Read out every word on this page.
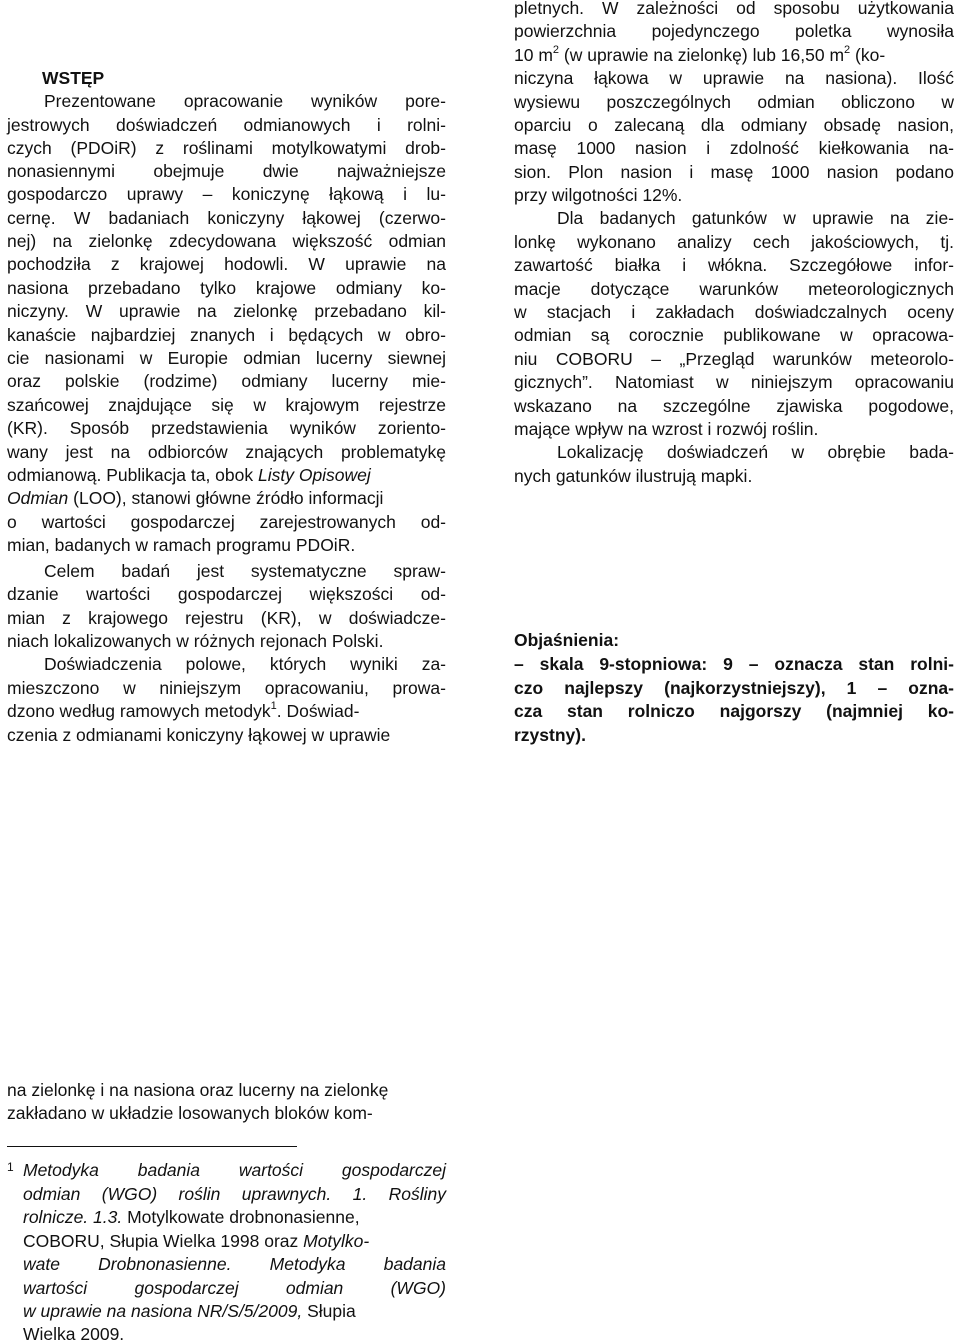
WSTĘP
Prezentowane opracowanie wyników pore-
jestrowych doświadczeń odmianowych i rolni-
czych (PDOiR) z roślinami motylkowatymi drob-
nonasiennymi obejmuje dwie najważniejsze
gospodarczo uprawy – koniczynę łąkową i lu-
cernę. W badaniach koniczyny łąkowej (czerwo-
nej) na zielonkę zdecydowana większość odmian
pochodziła z krajowej hodowli. W uprawie na
nasiona przebadano tylko krajowe odmiany ko-
niczyny. W uprawie na zielonkę przebadano kil-
kanaście najbardziej znanych i będących w obro-
cie nasionami w Europie odmian lucerny siewnej
oraz polskie (rodzime) odmiany lucerny mie-
szańcowej znajdujące się w krajowym rejestrze
(KR). Sposób przedstawienia wyników zoriento-
wany jest na odbiorców znających problematykę
odmianową. Publikacja ta, obok Listy Opisowej
Odmian (LOO), stanowi główne źródło informacji
o wartości gospodarczej zarejestrowanych od-
mian, badanych w ramach programu PDOiR.
Celem badań jest systematyczne spraw-
dzanie wartości gospodarczej większości od-
mian z krajowego rejestru (KR), w doświadcze-
niach lokalizowanych w różnych rejonach Polski.
Doświadczenia polowe, których wyniki za-
mieszczono w niniejszym opracowaniu, prowa-
dzono według ramowych metodyk$^1$. Doświad-
czenia z odmianami koniczyny łąkowej w uprawie
na zielonkę i na nasiona oraz lucerny na zielonkę
zakładano w układzie losowanych bloków kom-
1 Metodyka badania wartości gospodarczej
odmian (WGO) roślin uprawnych. 1. Rośliny
rolnicze. 1.3. Motylkowate drobnonasienne,
COBORU, Słupia Wielka 1998 oraz Motylko-
wate Drobnonasienne. Metodyka badania
wartości gospodarczej odmian (WGO)
w uprawie na nasiona NR/S/5/2009, Słupia
Wielka 2009.
pletnych. W zależności od sposobu użytkowania
powierzchnia pojedynczego poletka wynosiła
10 $m^2$ (w uprawie na zielonkę) lub 16,50 $m^2$ (ko-
niczyna łąkowa w uprawie na nasiona). Ilość
wysiewu poszczególnych odmian obliczono w
oparciu o zalecaną dla odmiany obsadę nasion,
masę 1000 nasion i zdolność kiełkowania na-
sion. Plon nasion i masę 1000 nasion podano
przy wilgotności 12%.
Dla badanych gatunków w uprawie na zie-
lonkę wykonano analizy cech jakościowych, tj.
zawartość białka i włókna. Szczegółowe infor-
macje dotyczące warunków meteorologicznych
w stacjach i zakładach doświadczalnych oceny
odmian są corocznie publikowane w opracowa-
niu COBORU – „Przegląd warunków meteorolo-
gicznych”. Natomiast w niniejszym opracowaniu
wskazano na szczególne zjawiska pogodowe,
mające wpływ na wzrost i rozwój roślin.
Lokalizację doświadczeń w obrębie bada-
nych gatunków ilustrują mapki.
Objaśnienia:
– skala 9-stopniowa: 9 – oznacza stan rolni-
czo najlepszy (najkorzystniejszy), 1 – ozna-
cza stan rolniczo najgorszy (najmniej ko-
rzystny).
